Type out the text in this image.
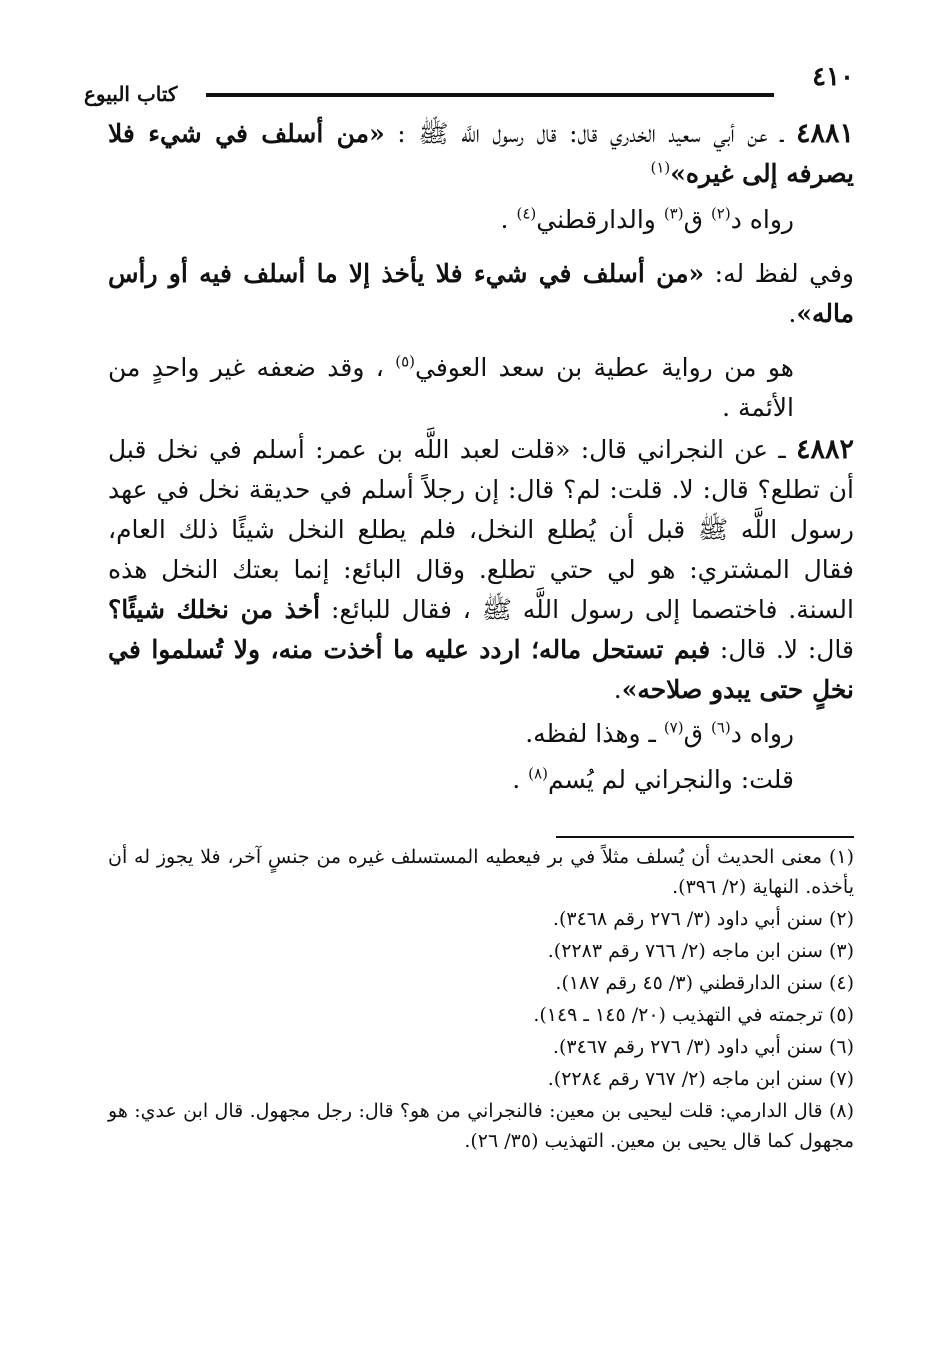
٤١٠
كتاب البيوع
٤٨٨١ ـ عن أبي سعيد الخدري قال: قال رسول اللَّه ﷺ : «من أسلف في شيء فلا يصرفه إلى غيره»$^{(١)}$
رواه د$^{(٢)}$ ق$^{(٣)}$ والدارقطني$^{(٤)}$ .
وفي لفظ له: «من أسلف في شيء فلا يأخذ إلا ما أسلف فيه أو رأس ماله».
هو من رواية عطية بن سعد العوفي$^{(٥)}$ ، وقد ضعفه غير واحدٍ من الأئمة .
٤٨٨٢ ـ عن النجراني قال: «قلت لعبد اللَّه بن عمر: أسلم في نخل قبل أن تطلع؟ قال: لا. قلت: لم؟ قال: إن رجلاً أسلم في حديقة نخل في عهد رسول اللَّه ﷺ قبل أن يُطلع النخل، فلم يطلع النخل شيئًا ذلك العام، فقال المشتري: هو لي حتي تطلع. وقال البائع: إنما بعتك النخل هذه السنة. فاختصما إلى رسول اللَّه ﷺ ، فقال للبائع: أخذ من نخلك شيئًا؟ قال: لا. قال: فبم تستحل ماله؛ اردد عليه ما أخذت منه، ولا تُسلموا في نخلٍ حتى يبدو صلاحه».
رواه د$^{(٦)}$ ق$^{(٧)}$ ـ وهذا لفظه.
قلت: والنجراني لم يُسم$^{(٨)}$ .
(١) معنى الحديث أن يُسلف مثلاً في بر فيعطيه المستسلف غيره من جنسٍ آخر، فلا يجوز له أن يأخذه. النهاية (٢/ ٣٩٦).
(٢) سنن أبي داود (٣/ ٢٧٦ رقم ٣٤٦٨).
(٣) سنن ابن ماجه (٢/ ٧٦٦ رقم ٢٢٨٣).
(٤) سنن الدارقطني (٣/ ٤٥ رقم ١٨٧).
(٥) ترجمته في التهذيب (٢٠/ ١٤٥ ـ ١٤٩).
(٦) سنن أبي داود (٣/ ٢٧٦ رقم ٣٤٦٧).
(٧) سنن ابن ماجه (٢/ ٧٦٧ رقم ٢٢٨٤).
(٨) قال الدارمي: قلت ليحيى بن معين: فالنجراني من هو؟ قال: رجل مجهول. قال ابن عدي: هو مجهول كما قال يحيى بن معين. التهذيب (٣٥/ ٢٦).
